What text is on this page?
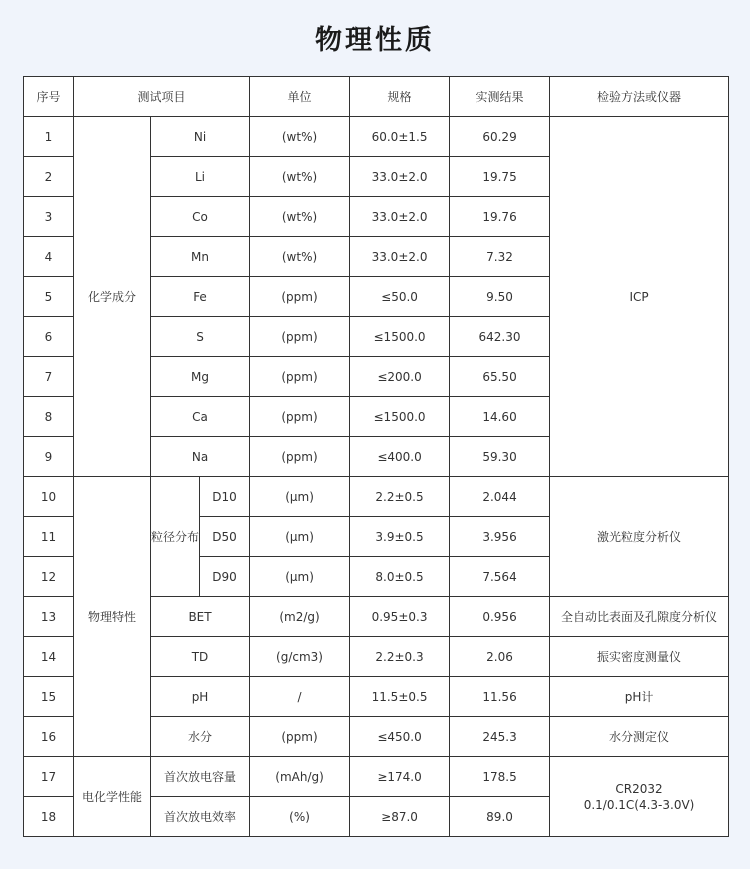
物理性质
序号	测试项目			单位	规格	实测结果	检验方法或仪器
1	化学成分	Ni		(wt%)	60.0±1.5	60.29	ICP
2		Li		(wt%)	33.0±2.0	19.75	
3		Co		(wt%)	33.0±2.0	19.76	
4		Mn		(wt%)	33.0±2.0	7.32	
5		Fe		(ppm)	≤50.0	9.50	
6		S		(ppm)	≤1500.0	642.30	
7		Mg		(ppm)	≤200.0	65.50	
8		Ca		(ppm)	≤1500.0	14.60	
9		Na		(ppm)	≤400.0	59.30	
10	物理特性	粒径分布	D10	(μm)	2.2±0.5	2.044	激光粒度分析仪
11			D50	(μm)	3.9±0.5	3.956	
12			D90	(μm)	8.0±0.5	7.564	
13		BET		(m2/g)	0.95±0.3	0.956	全自动比表面及孔隙度分析仪
14		TD		(g/cm3)	2.2±0.3	2.06	振实密度测量仪
15		pH		/	11.5±0.5	11.56	pH计
16		水分		(ppm)	≤450.0	245.3	水分测定仪
17	电化学性能	首次放电容量		(mAh/g)	≥174.0	178.5	CR2032
0.1/0.1C(4.3-3.0V)

18		首次放电效率		(%)	≥87.0	89.0	
